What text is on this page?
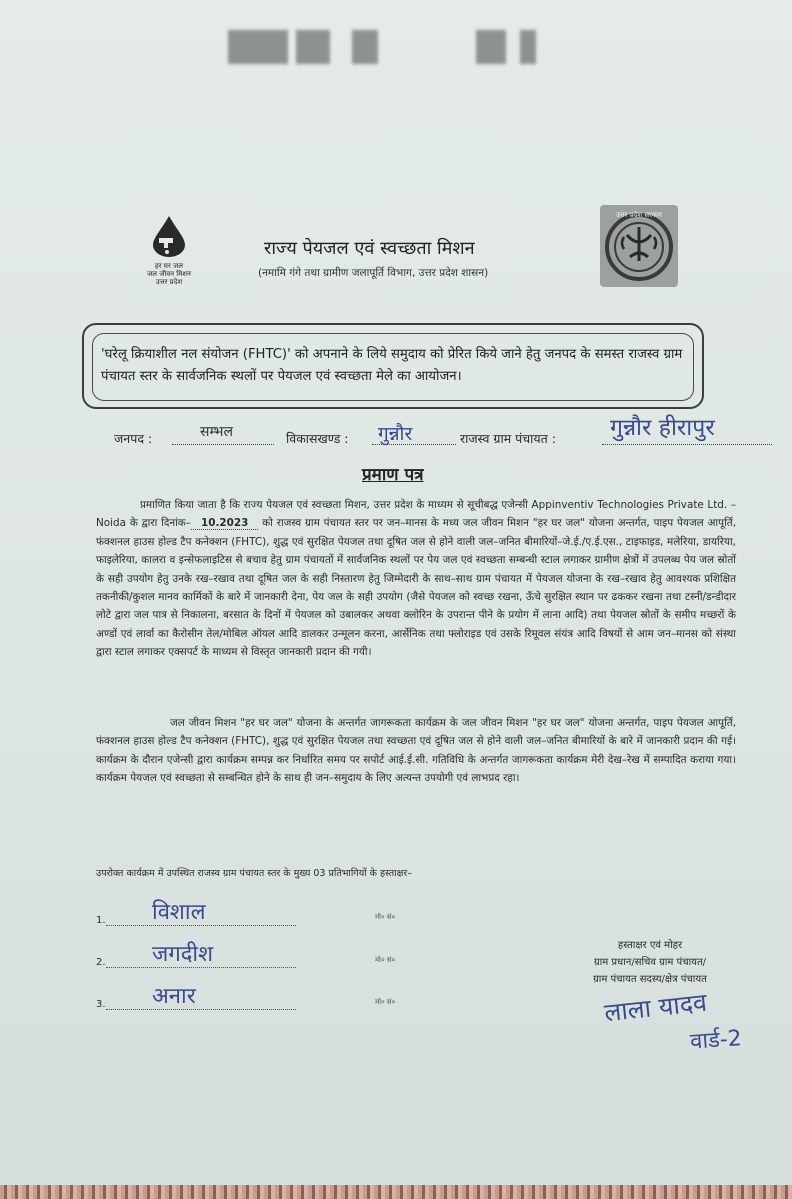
हर घर जल
जल जीवन मिशन
उत्तर प्रदेश
राज्य पेयजल एवं स्वच्छता मिशन
(नमामि गंगे तथा ग्रामीण जलापूर्ति विभाग, उत्तर प्रदेश शासन)
उत्तर प्रदेश सरकार
'घरेलू क्रियाशील नल संयोजन (FHTC)' को अपनाने के लिये समुदाय को प्रेरित किये जाने हेतु जनपद के समस्त राजस्व ग्राम पंचायत स्तर के सार्वजनिक स्थलों पर पेयजल एवं स्वच्छता मेले का आयोजन।
जनपद :	सम्भल	विकासखण्ड : गुन्नौर	राजस्व ग्राम पंचायत : गुन्नौर हीरापुर
प्रमाण पत्र
प्रमाणित किया जाता है कि राज्य पेयजल एवं स्वच्छता मिशन, उत्तर प्रदेश के माध्यम से सूचीबद्ध एजेन्सी Appinventiv Technologies Private Ltd. – Noida के द्वारा दिनांक– 10.2023 को राजस्व ग्राम पंचायत स्तर पर जन–मानस के मध्य जल जीवन मिशन "हर घर जल" योजना अन्तर्गत, पाइप पेयजल आपूर्ति, फंक्शनल हाउस होल्ड टैप कनेक्शन (FHTC), शुद्ध एवं सुरक्षित पेयजल तथा दूषित जल से होने वाली जल–जनित बीमारियों–जे.ई./ए.ई.एस., टाइफाइड, मलेरिया, डायरिया, फाइलेरिया, कालरा व इन्सेफलाइटिस से बचाव हेतु ग्राम पंचायतों में सार्वजनिक स्थलों पर पेय जल एवं स्वच्छता सम्बन्धी स्टाल लगाकर ग्रामीण क्षेत्रों में उपलब्ध पेय जल स्रोतों के सही उपयोग हेतु उनके रख–रखाव तथा दूषित जल के सही निस्तारण हेतु जिम्मेदारी के साथ–साथ ग्राम पंचायत में पेयजल योजना के रख–रखाव हेतु आवश्यक प्रशिक्षित तकनीकी/कुशल मानव कार्मिकों के बारे में जानकारी देना, पेय जल के सही उपयोग (जैसे पेयजल को स्वच्छ रखना, ऊँचे सुरक्षित स्थान पर ढककर रखना तथा टस्नी/डन्डीदार लोटे द्वारा जल पात्र से निकालना, बरसात के दिनों में पेयजल को उबालकर अथवा क्लोरिन के उपरान्त पीने के प्रयोग में लाना आदि) तथा पेयजल स्रोतों के समीप मच्छरों के अण्डों एवं लार्वा का कैरोसीन तेल/मोबिल ऑयल आदि डालकर उन्मूलन करना, आर्सेनिक तथा फ्लोराइड एवं उसके रिमूवल संयंत्र आदि विषयों से आम जन–मानस को संस्था द्वारा स्टाल लगाकर एक्सपर्ट के माध्यम से विस्तृत जानकारी प्रदान की गयी।
जल जीवन मिशन "हर घर जल" योजना के अन्तर्गत जागरूकता कार्यक्रम के जल जीवन मिशन "हर घर जल" योजना अन्तर्गत, पाइप पेयजल आपूर्ति, फंक्शनल हाउस होल्ड टैप कनेक्शन (FHTC), शुद्ध एवं सुरक्षित पेयजल तथा स्वच्छता एवं दूषित जल से होने वाली जल–जनित बीमारियों के बारे में जानकारी प्रदान की गई। कार्यक्रम के दौरान एजेन्सी द्वारा कार्यक्रम सम्पन्न कर निर्धारित समय पर सपोर्ट आई.ई.सी. गतिविधि के अन्तर्गत जागरूकता कार्यक्रम मेरी देख–रेख में सम्पादित कराया गया। कार्यक्रम पेयजल एवं स्वच्छता से सम्बन्धित होने के साथ ही जन–समुदाय के लिए अत्यन्त उपयोगी एवं लाभप्रद रहा।
उपरोक्त कार्यक्रम में उपस्थित राजस्व ग्राम पंचायत स्तर के मुख्य 03 प्रतिभागियों के हस्ताक्षर–
1. विशाल	मो० सं०
2. जगदीश	मो० सं०
3. अनार	मो० सं०
हस्ताक्षर एवं मोहर
ग्राम प्रधान/सचिव ग्राम पंचायत/
ग्राम पंचायत सदस्य/क्षेत्र पंचायत
लाला यादव
वार्ड-2
